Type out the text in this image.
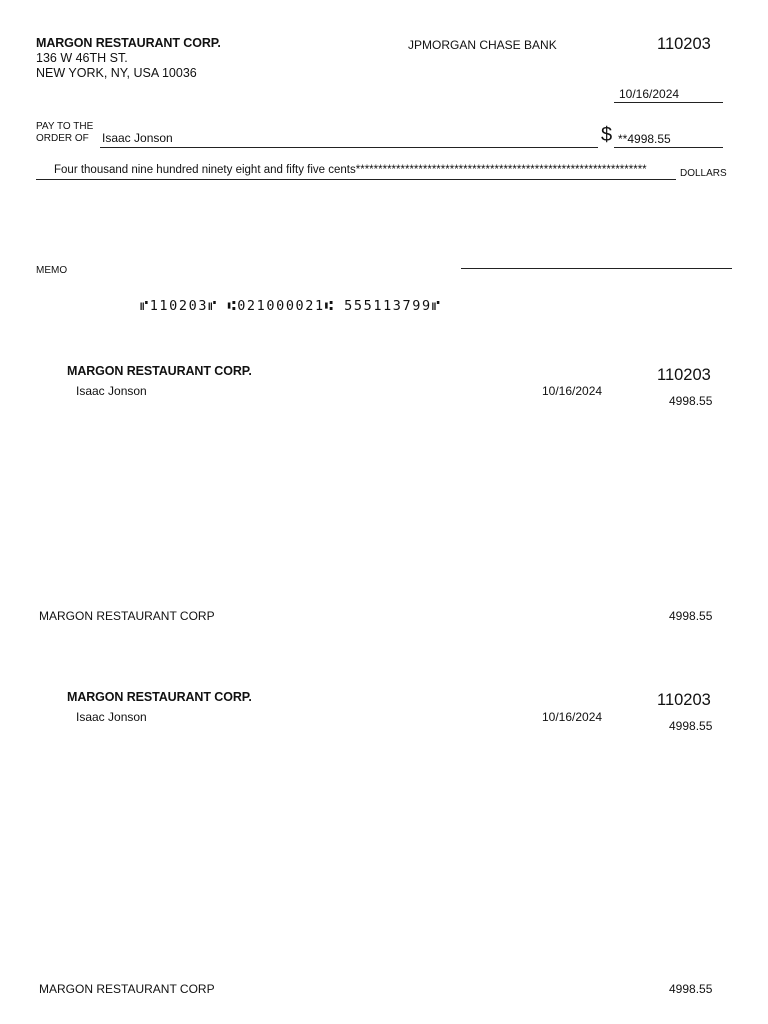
MARGON RESTAURANT CORP.
136 W 46TH ST.
NEW YORK, NY, USA 10036
JPMORGAN CHASE BANK	110203
10/16/2024
PAY TO THE
ORDER OF Isaac Jonson	$ **4998.55
Four thousand nine hundred ninety eight and fifty five cents*****************************************************************	DOLLARS
MEMO
⑈110203⑈ ⑆021000021⑆ 555113799⑈
MARGON RESTAURANT CORP.
Isaac Jonson	10/16/2024
110203
4998.55
MARGON RESTAURANT CORP	4998.55
MARGON RESTAURANT CORP.
Isaac Jonson	10/16/2024
110203
4998.55
MARGON RESTAURANT CORP	4998.55
